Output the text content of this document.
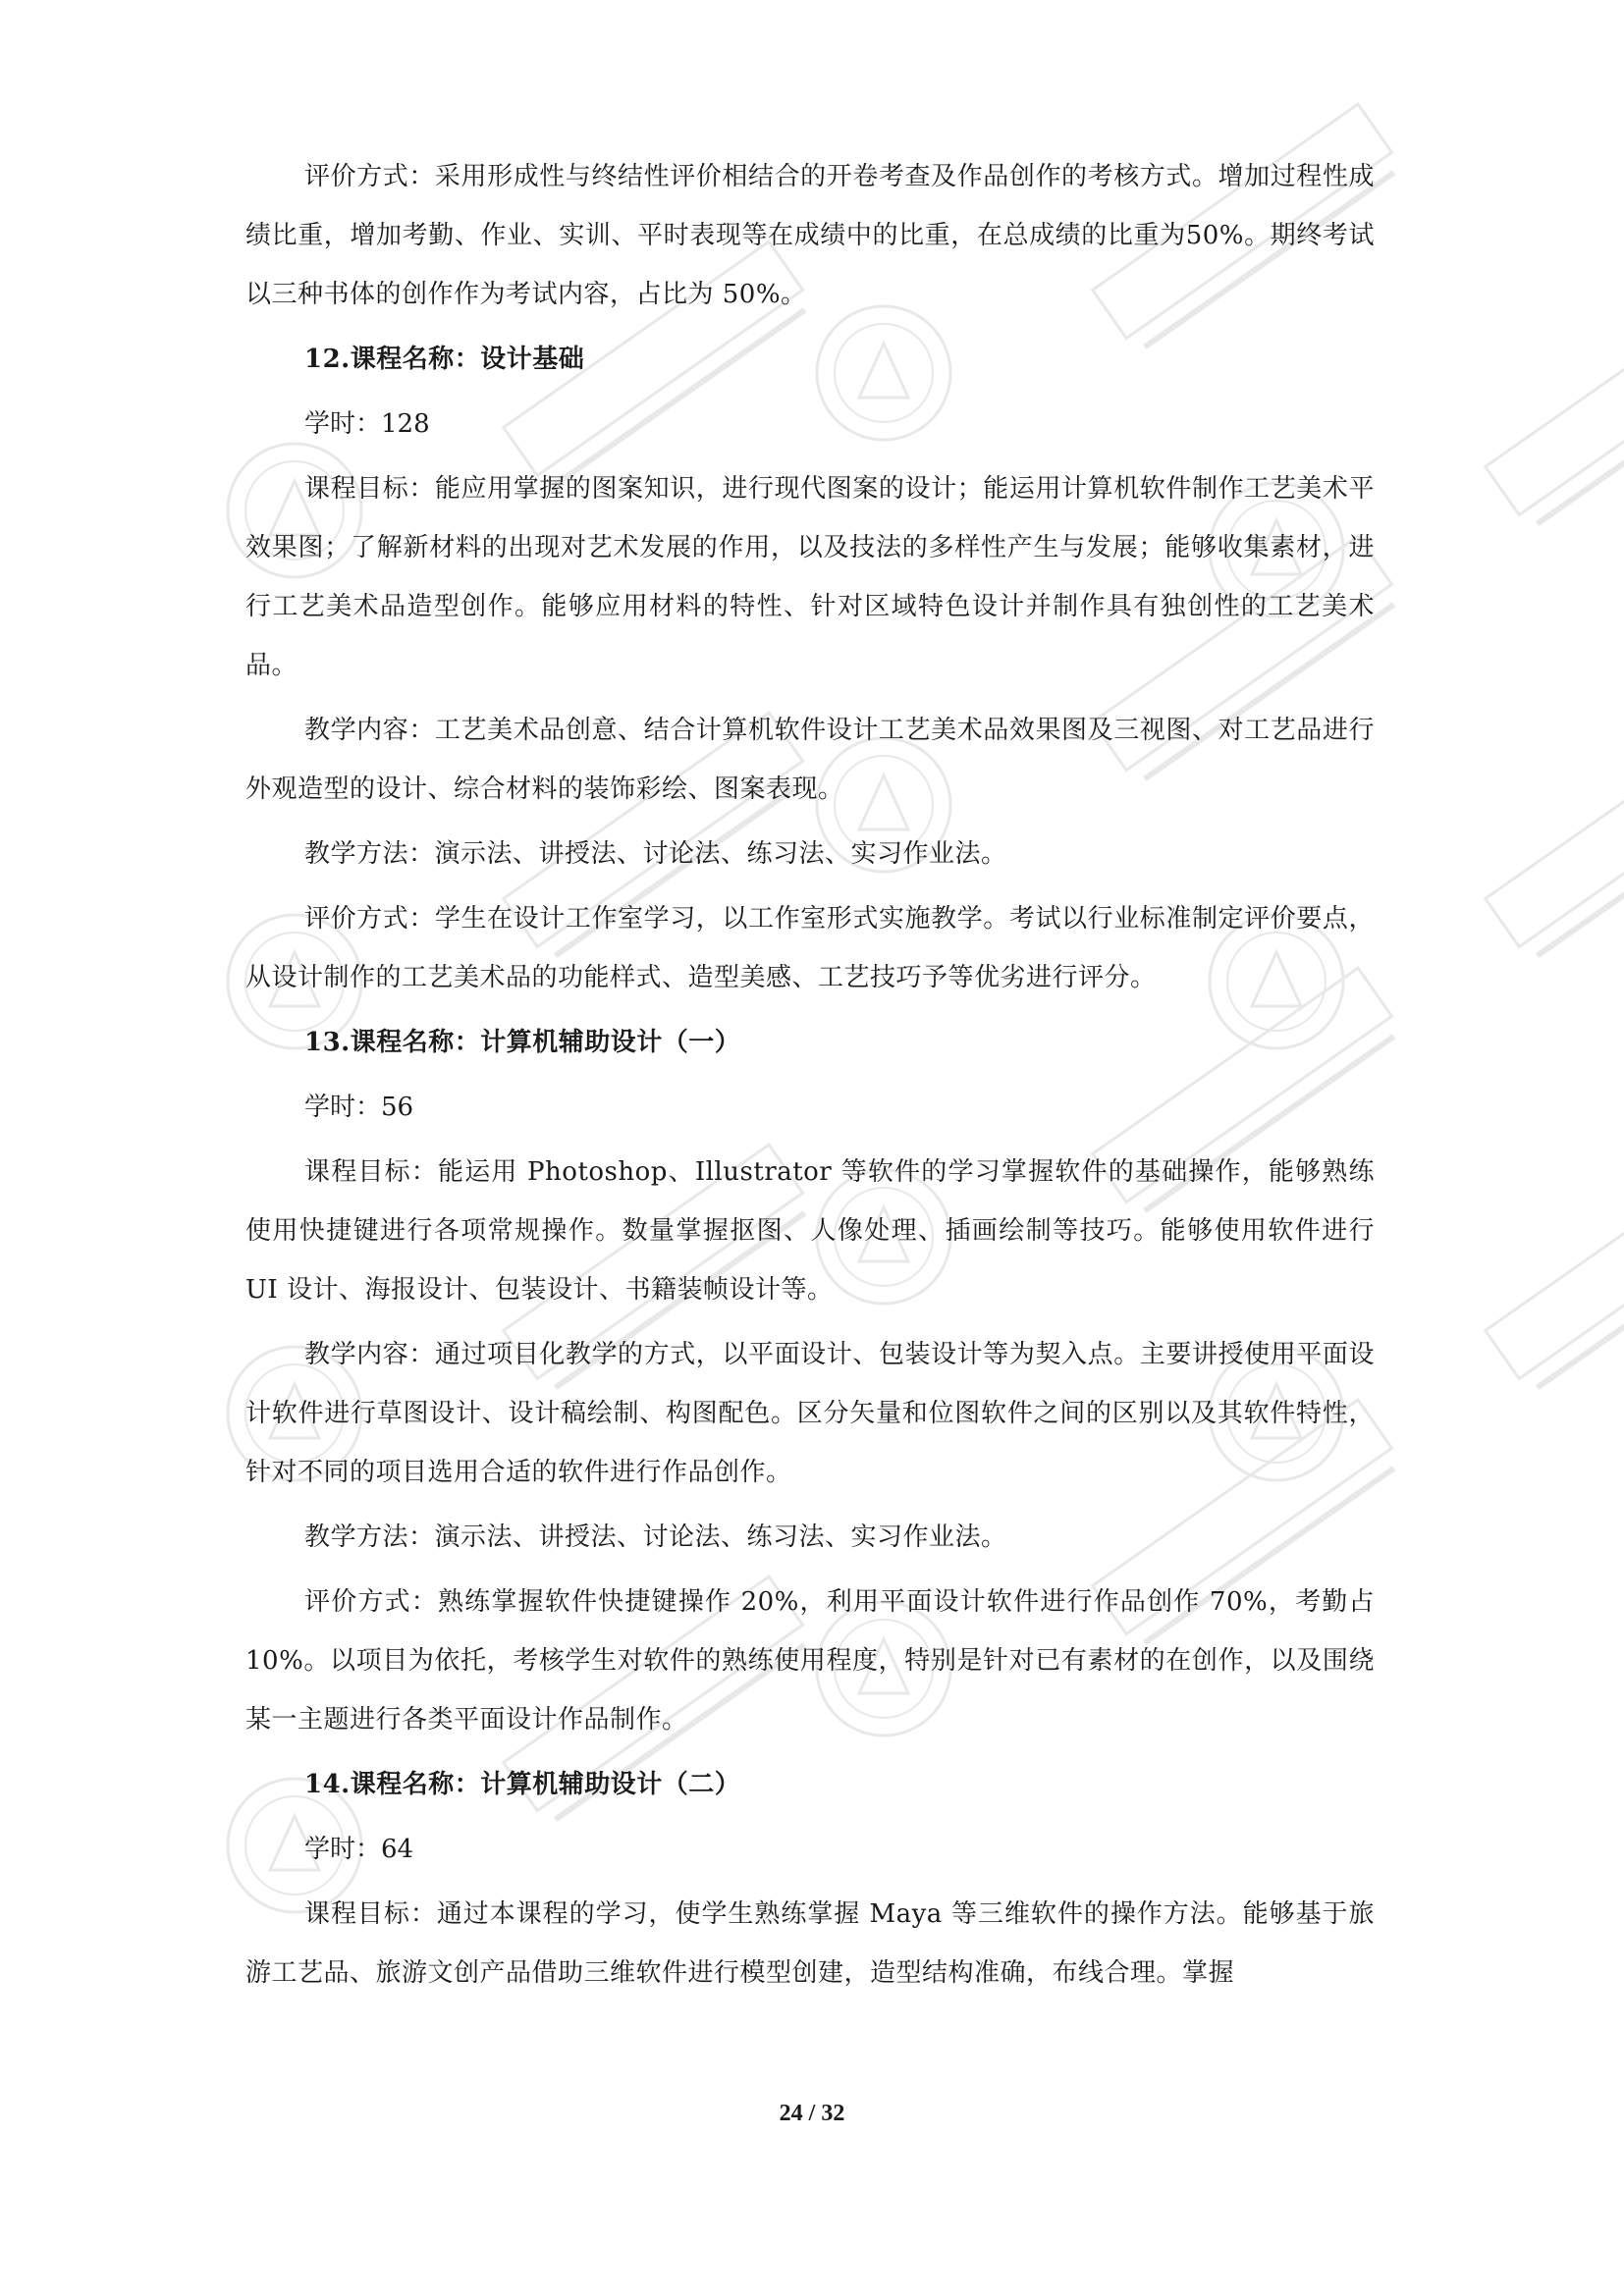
评价方式：采用形成性与终结性评价相结合的开卷考查及作品创作的考核方式。增加过程性成绩比重，增加考勤、作业、实训、平时表现等在成绩中的比重，在总成绩的比重为50%。期终考试以三种书体的创作作为考试内容，占比为 50%。

12.课程名称：设计基础

学时：128

课程目标：能应用掌握的图案知识，进行现代图案的设计；能运用计算机软件制作工艺美术平效果图；了解新材料的出现对艺术发展的作用，以及技法的多样性产生与发展；能够收集素材，进行工艺美术品造型创作。能够应用材料的特性、针对区域特色设计并制作具有独创性的工艺美术品。

教学内容：工艺美术品创意、结合计算机软件设计工艺美术品效果图及三视图、对工艺品进行外观造型的设计、综合材料的装饰彩绘、图案表现。

教学方法：演示法、讲授法、讨论法、练习法、实习作业法。

评价方式：学生在设计工作室学习，以工作室形式实施教学。考试以行业标准制定评价要点，从设计制作的工艺美术品的功能样式、造型美感、工艺技巧予等优劣进行评分。

13.课程名称：计算机辅助设计（一）

学时：56

课程目标：能运用 Photoshop、Illustrator 等软件的学习掌握软件的基础操作，能够熟练使用快捷键进行各项常规操作。数量掌握抠图、人像处理、插画绘制等技巧。能够使用软件进行 UI 设计、海报设计、包装设计、书籍装帧设计等。

教学内容：通过项目化教学的方式，以平面设计、包装设计等为契入点。主要讲授使用平面设计软件进行草图设计、设计稿绘制、构图配色。区分矢量和位图软件之间的区别以及其软件特性，针对不同的项目选用合适的软件进行作品创作。

教学方法：演示法、讲授法、讨论法、练习法、实习作业法。

评价方式：熟练掌握软件快捷键操作 20%，利用平面设计软件进行作品创作 70%，考勤占 10%。以项目为依托，考核学生对软件的熟练使用程度，特别是针对已有素材的在创作，以及围绕某一主题进行各类平面设计作品制作。

14.课程名称：计算机辅助设计（二）

学时：64

课程目标：通过本课程的学习，使学生熟练掌握 Maya 等三维软件的操作方法。能够基于旅游工艺品、旅游文创产品借助三维软件进行模型创建，造型结构准确，布线合理。掌握

24 / 32
